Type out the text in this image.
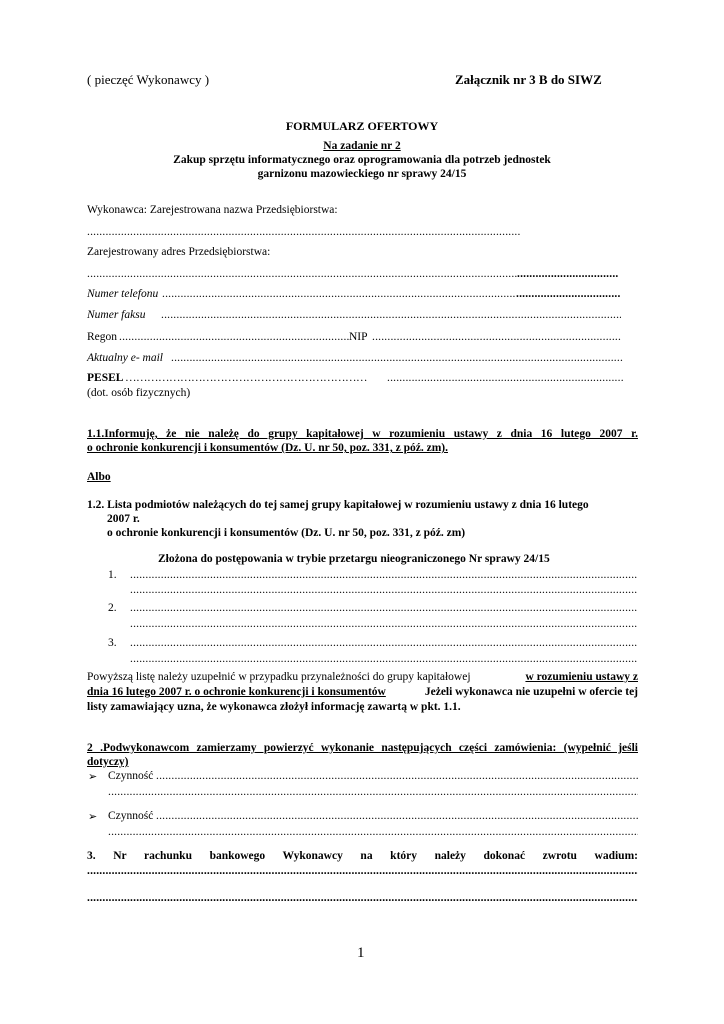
( pieczęć Wykonawcy )	Załącznik nr 3 B do SIWZ
FORMULARZ OFERTOWY
Na zadanie nr 2
Zakup sprzętu informatycznego oraz oprogramowania dla potrzeb jednostek
garnizonu mazowieckiego nr sprawy 24/15
Wykonawca: Zarejestrowana nazwa Przedsiębiorstwa:
.....
Zarejestrowany adres Przedsiębiorstwa:
.....
.....
Numer telefonu
.....
.....
Numer faksu
.....
Regon
.....	NIP
.....
Aktualny e- mail
.....
PESEL …………………………………………………………
.....
(dot. osób fizycznych)
1.1.Informuję, że nie należę do grupy kapitałowej w rozumieniu ustawy z dnia 16 lutego 2007 r.
o ochronie konkurencji i konsumentów (Dz. U. nr 50, poz. 331, z póź. zm).
Albo
1.2. Lista podmiotów należących do tej samej grupy kapitałowej w rozumieniu ustawy z dnia 16 lutego
2007 r.
o ochronie konkurencji i konsumentów (Dz. U. nr 50, poz. 331, z póź. zm)
Złożona do postępowania w trybie przetargu nieograniczonego Nr sprawy 24/15
1.
.....
.....
2.
.....
.....
3.
.....
.....
Powyższą listę należy uzupełnić w przypadku przynależności do grupy kapitałowej	w rozumieniu ustawy z
dnia 16 lutego 2007 r. o ochronie konkurencji i konsumentów	Jeżeli wykonawca nie uzupełni w ofercie tej
listy zamawiający uzna, że wykonawca złożył informację zawartą w pkt. 1.1.
2 .Podwykonawcom zamierzamy powierzyć wykonanie następujących części zamówienia: (wypełnić jeśli
dotyczy)
➢ Czynność
.....
.....
➢ Czynność
.....
.....
3. Nr rachunku bankowego Wykonawcy na który należy dokonać zwrotu wadium:
.....
.....
1
